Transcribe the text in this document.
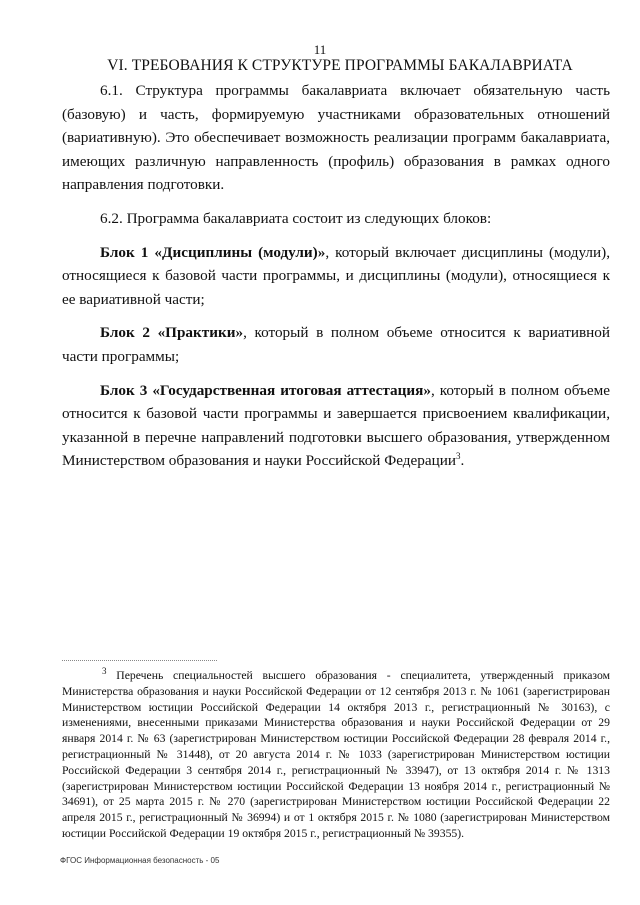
11
VI. ТРЕБОВАНИЯ К СТРУКТУРЕ ПРОГРАММЫ БАКАЛАВРИАТА

6.1. Структура программы бакалавриата включает обязательную часть (базовую) и часть, формируемую участниками образовательных отношений (вариативную). Это обеспечивает возможность реализации программ бакалавриата, имеющих различную направленность (профиль) образования в рамках одного направления подготовки.

6.2. Программа бакалавриата состоит из следующих блоков:

Блок 1 «Дисциплины (модули)», который включает дисциплины (модули), относящиеся к базовой части программы, и дисциплины (модули), относящиеся к ее вариативной части;

Блок 2 «Практики», который в полном объеме относится к вариативной части программы;

Блок 3 «Государственная итоговая аттестация», который в полном объеме относится к базовой части программы и завершается присвоением квалификации, указанной в перечне направлений подготовки высшего образования, утвержденном Министерством образования и науки Российской Федерации$^3$.

$^3$ Перечень специальностей высшего образования - специалитета, утвержденный приказом Министерства образования и науки Российской Федерации от 12 сентября 2013 г. № 1061 (зарегистрирован Министерством юстиции Российской Федерации 14 октября 2013 г., регистрационный № 30163), с изменениями, внесенными приказами Министерства образования и науки Российской Федерации от 29 января 2014 г. № 63 (зарегистрирован Министерством юстиции Российской Федерации 28 февраля 2014 г., регистрационный № 31448), от 20 августа 2014 г. № 1033 (зарегистрирован Министерством юстиции Российской Федерации 3 сентября 2014 г., регистрационный № 33947), от 13 октября 2014 г. № 1313 (зарегистрирован Министерством юстиции Российской Федерации 13 ноября 2014 г., регистрационный № 34691), от 25 марта 2015 г. № 270 (зарегистрирован Министерством юстиции Российской Федерации 22 апреля 2015 г., регистрационный № 36994) и от 1 октября 2015 г. № 1080 (зарегистрирован Министерством юстиции Российской Федерации 19 октября 2015 г., регистрационный № 39355).

ФГОС Информационная безопасность - 05
